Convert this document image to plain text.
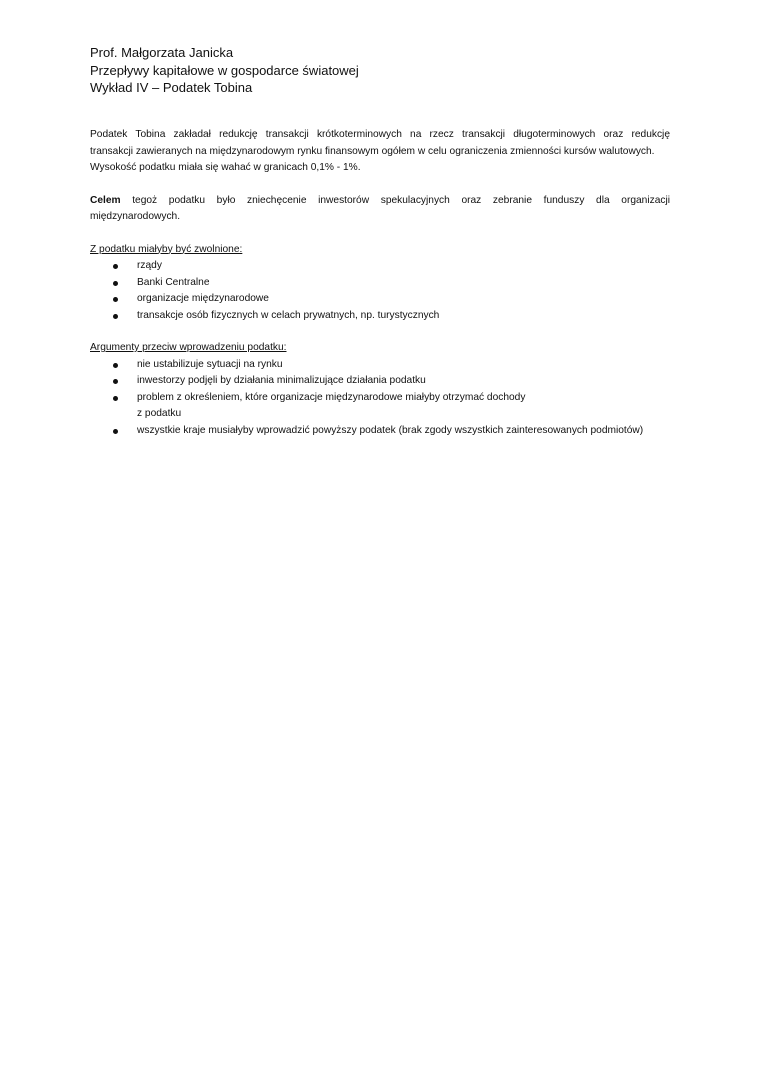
Prof. Małgorzata Janicka
Przepływy kapitałowe w gospodarce światowej
Wykład IV – Podatek Tobina
Podatek Tobina zakładał redukcję transakcji krótkoterminowych na rzecz transakcji długoterminowych oraz redukcję
transakcji zawieranych na międzynarodowym rynku finansowym ogółem w celu ograniczenia zmienności kursów walutowych.
Wysokość podatku miała się wahać w granicach 0,1% - 1%.
Celem tegoż podatku było zniechęcenie inwestorów spekulacyjnych oraz zebranie funduszy dla organizacji
międzynarodowych.
Z podatku miałyby być zwolnione:
rządy
Banki Centralne
organizacje międzynarodowe
transakcje osób fizycznych w celach prywatnych, np. turystycznych
Argumenty przeciw wprowadzeniu podatku:
nie ustabilizuje sytuacji na rynku
inwestorzy podjęli by działania minimalizujące działania podatku
problem z określeniem, które organizacje międzynarodowe miałyby otrzymać dochody
z podatku
wszystkie kraje musiałyby wprowadzić powyższy podatek (brak zgody wszystkich zainteresowanych podmiotów)
